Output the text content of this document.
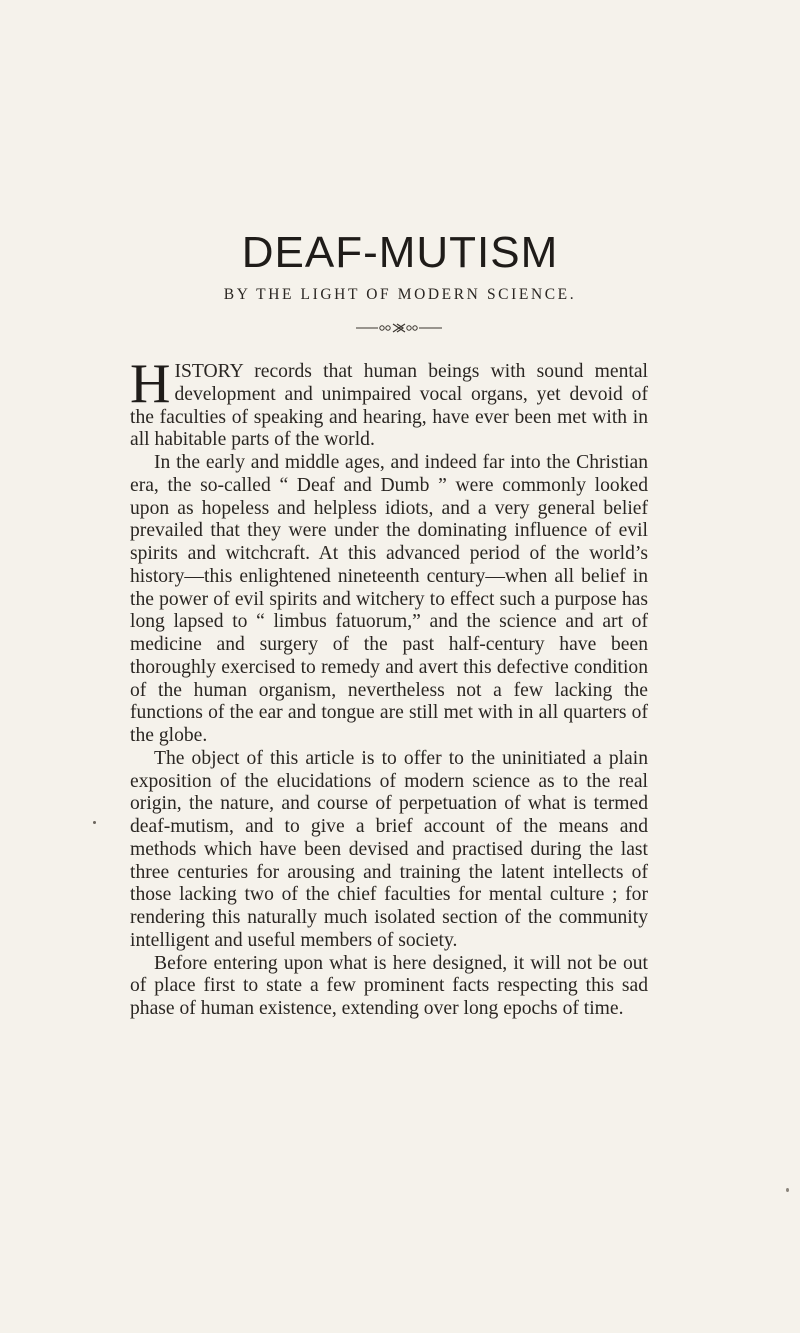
DEAF-MUTISM
BY THE LIGHT OF MODERN SCIENCE.

HISTORY records that human beings with sound mental development and unimpaired vocal organs, yet devoid of the faculties of speaking and hearing, have ever been met with in all habitable parts of the world.

In the early and middle ages, and indeed far into the Christian era, the so-called “ Deaf and Dumb ” were commonly looked upon as hopeless and helpless idiots, and a very general belief prevailed that they were under the dominating influence of evil spirits and witchcraft. At this advanced period of the world’s history—this enlightened nineteenth century—when all belief in the power of evil spirits and witchery to effect such a purpose has long lapsed to “ limbus fatuorum,” and the science and art of medicine and surgery of the past half-century have been thoroughly exercised to remedy and avert this defective condition of the human organism, nevertheless not a few lacking the functions of the ear and tongue are still met with in all quarters of the globe.

The object of this article is to offer to the uninitiated a plain exposition of the elucidations of modern science as to the real origin, the nature, and course of perpetuation of what is termed deaf-mutism, and to give a brief account of the means and methods which have been devised and practised during the last three centuries for arousing and training the latent intellects of those lacking two of the chief faculties for mental culture ; for rendering this naturally much isolated section of the community intelligent and useful members of society.

Before entering upon what is here designed, it will not be out of place first to state a few prominent facts respecting this sad phase of human existence, extending over long epochs of time.
